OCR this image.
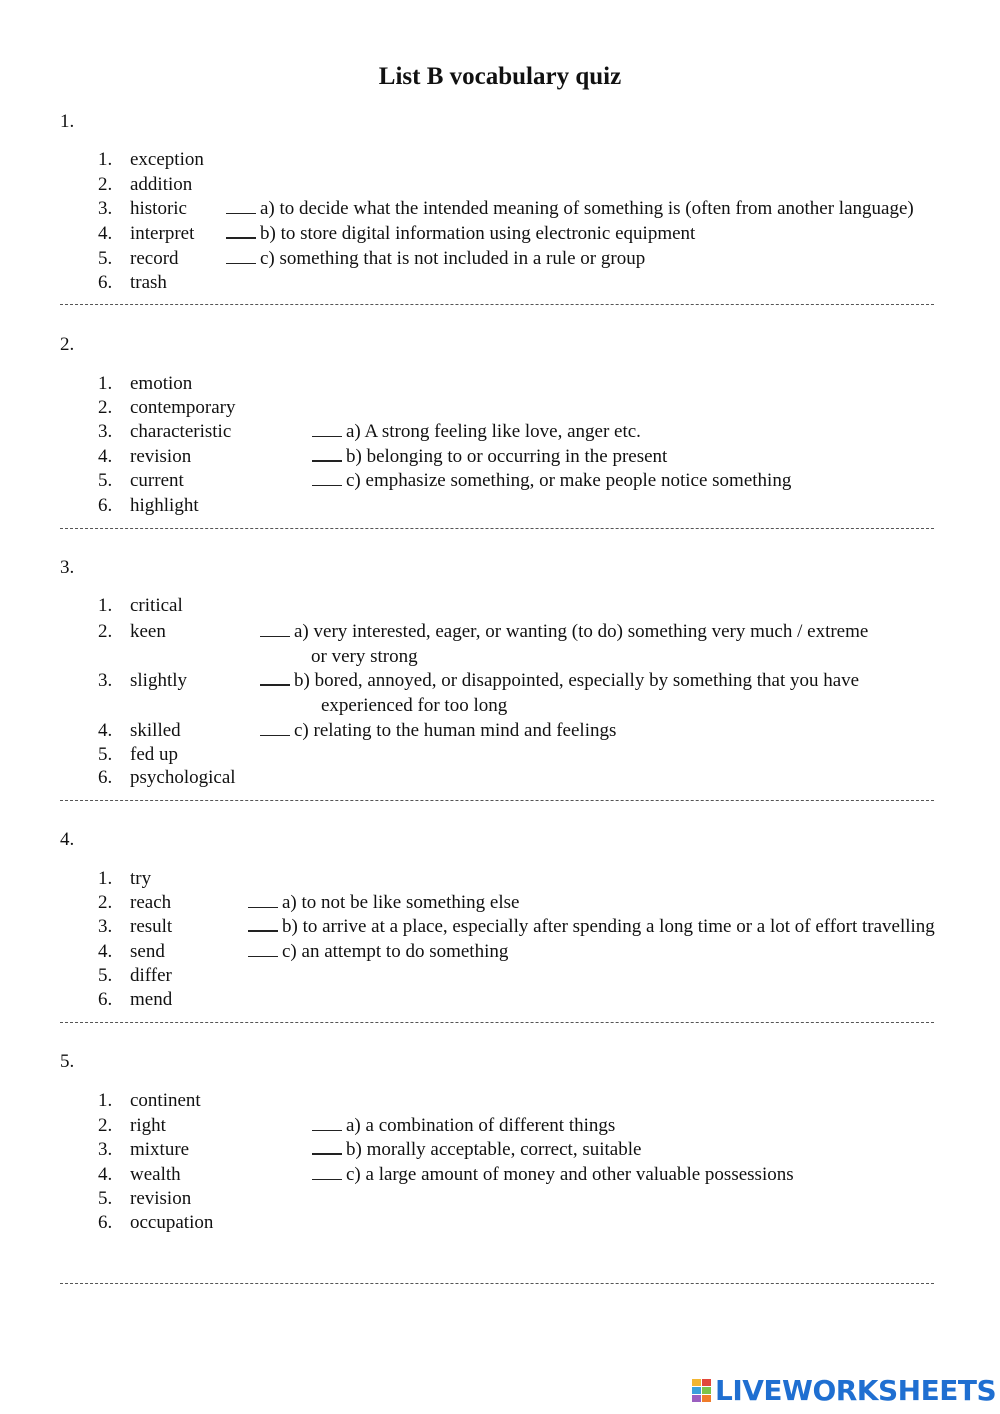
List B vocabulary quiz
1.
1. exception
2. addition
3. historic
4. interpret
5. record
6. trash
a) to decide what the intended meaning of something is (often from another language)
b) to store digital information using electronic equipment
c) something that is not included in a rule or group
2.
1. emotion
2. contemporary
3. characteristic
4. revision
5. current
6. highlight
a) A strong feeling like love, anger etc.
b) belonging to or occurring in the present
c) emphasize something, or make people notice something
3.
1. critical
2. keen
3. slightly
4. skilled
5. fed up
6. psychological
a) very interested, eager, or wanting (to do) something very much / extreme
or very strong
b) bored, annoyed, or disappointed, especially by something that you have
experienced for too long
c) relating to the human mind and feelings
4.
1. try
2. reach
3. result
4. send
5. differ
6. mend
a) to not be like something else
b) to arrive at a place, especially after spending a long time or a lot of effort travelling
c) an attempt to do something
5.
1. continent
2. right
3. mixture
4. wealth
5. revision
6. occupation
a) a combination of different things
b) morally acceptable, correct, suitable
c) a large amount of money and other valuable possessions
LIVEWORKSHEETS
